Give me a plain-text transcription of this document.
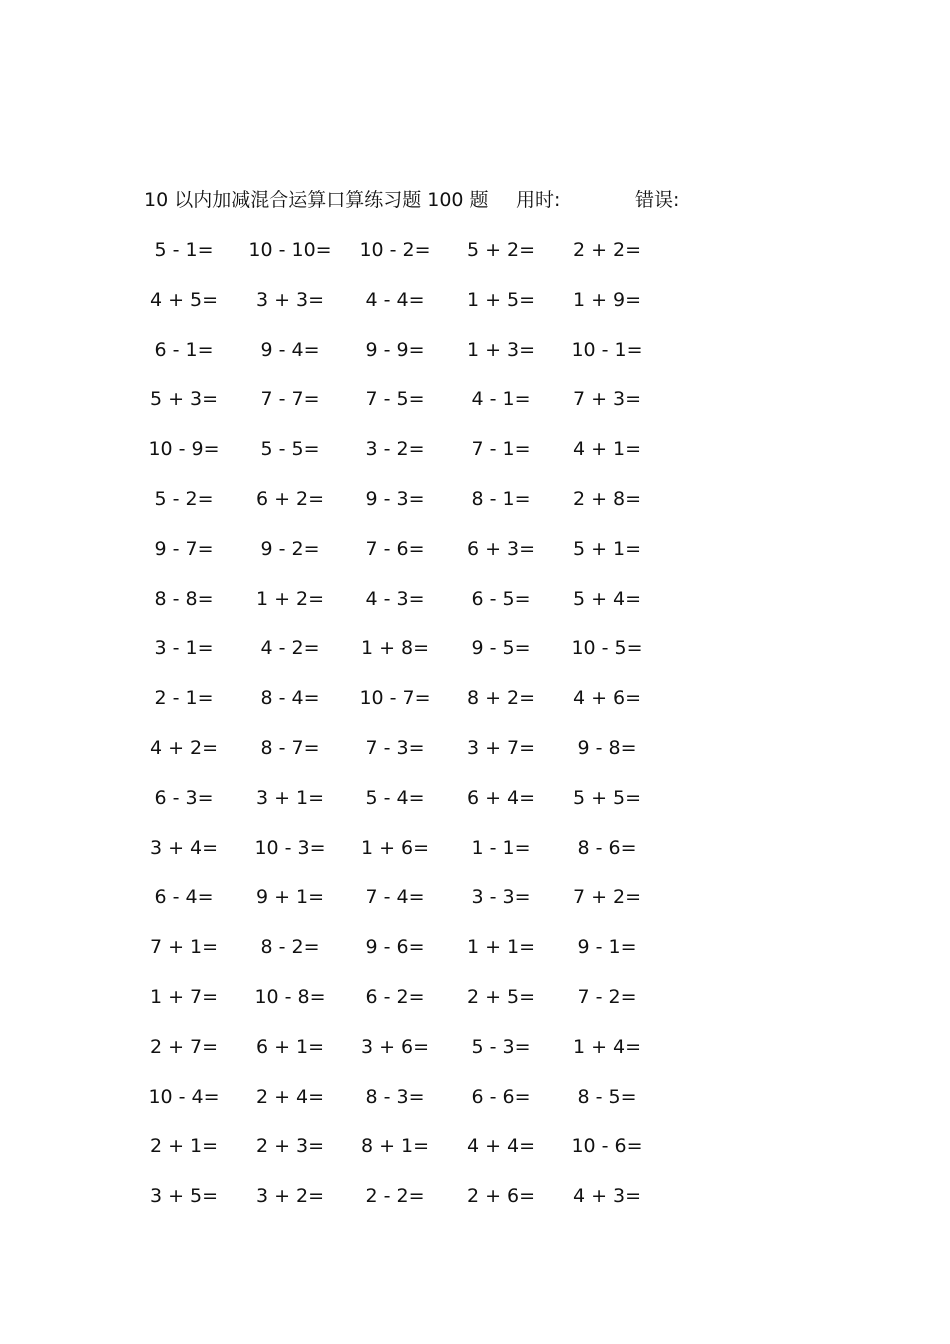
10 以内加减混合运算口算练习题 100 题 用时:	错误:
5 - 1=	10 - 10=	10 - 2=	5 + 2=	2 + 2=
4 + 5=	3 + 3=	4 - 4=	1 + 5=	1 + 9=
6 - 1=	9 - 4=	9 - 9=	1 + 3=	10 - 1=
5 + 3=	7 - 7=	7 - 5=	4 - 1=	7 + 3=
10 - 9=	5 - 5=	3 - 2=	7 - 1=	4 + 1=
5 - 2=	6 + 2=	9 - 3=	8 - 1=	2 + 8=
9 - 7=	9 - 2=	7 - 6=	6 + 3=	5 + 1=
8 - 8=	1 + 2=	4 - 3=	6 - 5=	5 + 4=
3 - 1=	4 - 2=	1 + 8=	9 - 5=	10 - 5=
2 - 1=	8 - 4=	10 - 7=	8 + 2=	4 + 6=
4 + 2=	8 - 7=	7 - 3=	3 + 7=	9 - 8=
6 - 3=	3 + 1=	5 - 4=	6 + 4=	5 + 5=
3 + 4=	10 - 3=	1 + 6=	1 - 1=	8 - 6=
6 - 4=	9 + 1=	7 - 4=	3 - 3=	7 + 2=
7 + 1=	8 - 2=	9 - 6=	1 + 1=	9 - 1=
1 + 7=	10 - 8=	6 - 2=	2 + 5=	7 - 2=
2 + 7=	6 + 1=	3 + 6=	5 - 3=	1 + 4=
10 - 4=	2 + 4=	8 - 3=	6 - 6=	8 - 5=
2 + 1=	2 + 3=	8 + 1=	4 + 4=	10 - 6=
3 + 5=	3 + 2=	2 - 2=	2 + 6=	4 + 3=
